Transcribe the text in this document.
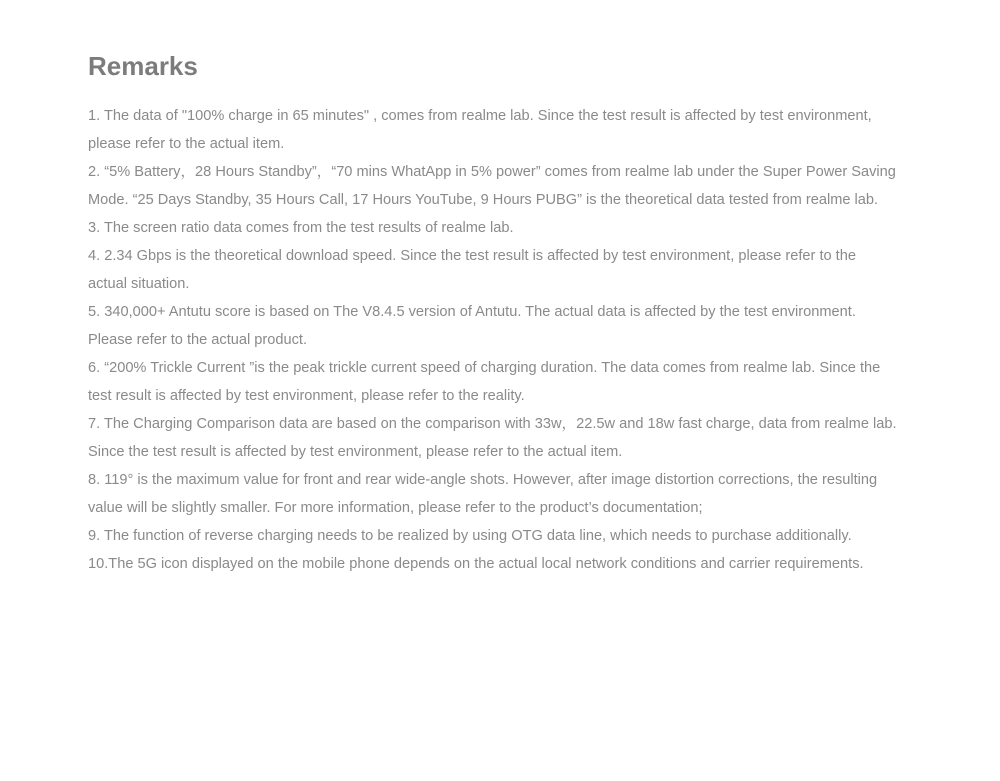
Remarks

1. The data of "100% charge in 65 minutes" , comes from realme lab. Since the test result is affected by test environment, please refer to the actual item.

2. “5% Battery，28 Hours Standby”，“70 mins WhatApp in 5% power” comes from realme lab under the Super Power Saving Mode. “25 Days Standby, 35 Hours Call, 17 Hours YouTube, 9 Hours PUBG” is the theoretical data tested from realme lab.

3. The screen ratio data comes from the test results of realme lab.

4. 2.34 Gbps is the theoretical download speed. Since the test result is affected by test environment, please refer to the actual situation.

5. 340,000+ Antutu score is based on The V8.4.5 version of Antutu. The actual data is affected by the test environment. Please refer to the actual product.

6. “200% Trickle Current ”is the peak trickle current speed of charging duration. The data comes from realme lab. Since the test result is affected by test environment, please refer to the reality.

7. The Charging Comparison data are based on the comparison with 33w，22.5w and 18w fast charge, data from realme lab. Since the test result is affected by test environment, please refer to the actual item.

8. 119° is the maximum value for front and rear wide-angle shots. However, after image distortion corrections, the resulting value will be slightly smaller. For more information, please refer to the product’s documentation;

9. The function of reverse charging needs to be realized by using OTG data line, which needs to purchase additionally.

10.The 5G icon displayed on the mobile phone depends on the actual local network conditions and carrier requirements.
